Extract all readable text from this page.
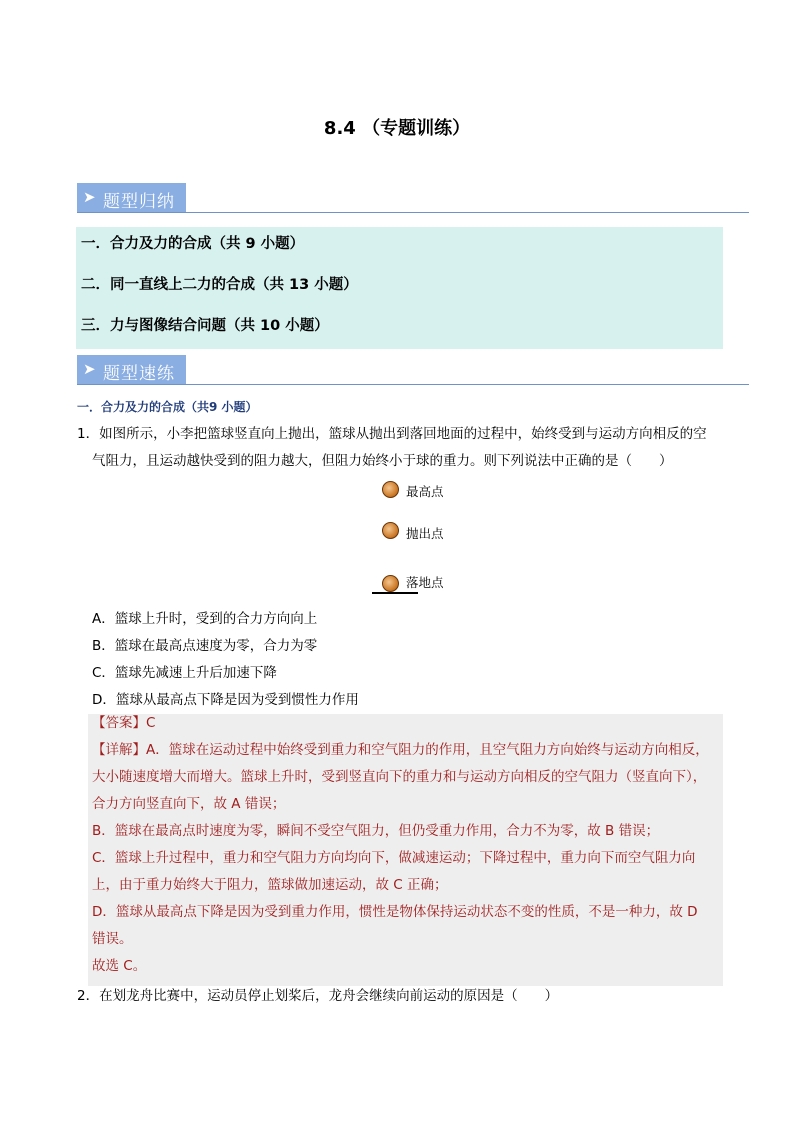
8.4 （专题训练）
➤ 题型归纳
一．合力及力的合成（共 9 小题）
二．同一直线上二力的合成（共 13 小题）
三．力与图像结合问题（共 10 小题）
➤ 题型速练
一．合力及力的合成（共9 小题）
1．如图所示，小李把篮球竖直向上抛出，篮球从抛出到落回地面的过程中，始终受到与运动方向相反的空
气阻力，且运动越快受到的阻力越大，但阻力始终小于球的重力。则下列说法中正确的是（　　）
最高点
抛出点
落地点
A．篮球上升时，受到的合力方向向上
B．篮球在最高点速度为零，合力为零
C．篮球先减速上升后加速下降
D．篮球从最高点下降是因为受到惯性力作用
【答案】C
【详解】A．篮球在运动过程中始终受到重力和空气阻力的作用，且空气阻力方向始终与运动方向相反，
大小随速度增大而增大。篮球上升时，受到竖直向下的重力和与运动方向相反的空气阻力（竖直向下），
合力方向竖直向下，故 A 错误；
B．篮球在最高点时速度为零，瞬间不受空气阻力，但仍受重力作用，合力不为零，故 B 错误；
C．篮球上升过程中，重力和空气阻力方向均向下，做减速运动；下降过程中，重力向下而空气阻力向
上，由于重力始终大于阻力，篮球做加速运动，故 C 正确；
D．篮球从最高点下降是因为受到重力作用，惯性是物体保持运动状态不变的性质，不是一种力，故 D
错误。
故选 C。
2．在划龙舟比赛中，运动员停止划桨后，龙舟会继续向前运动的原因是（　　）
